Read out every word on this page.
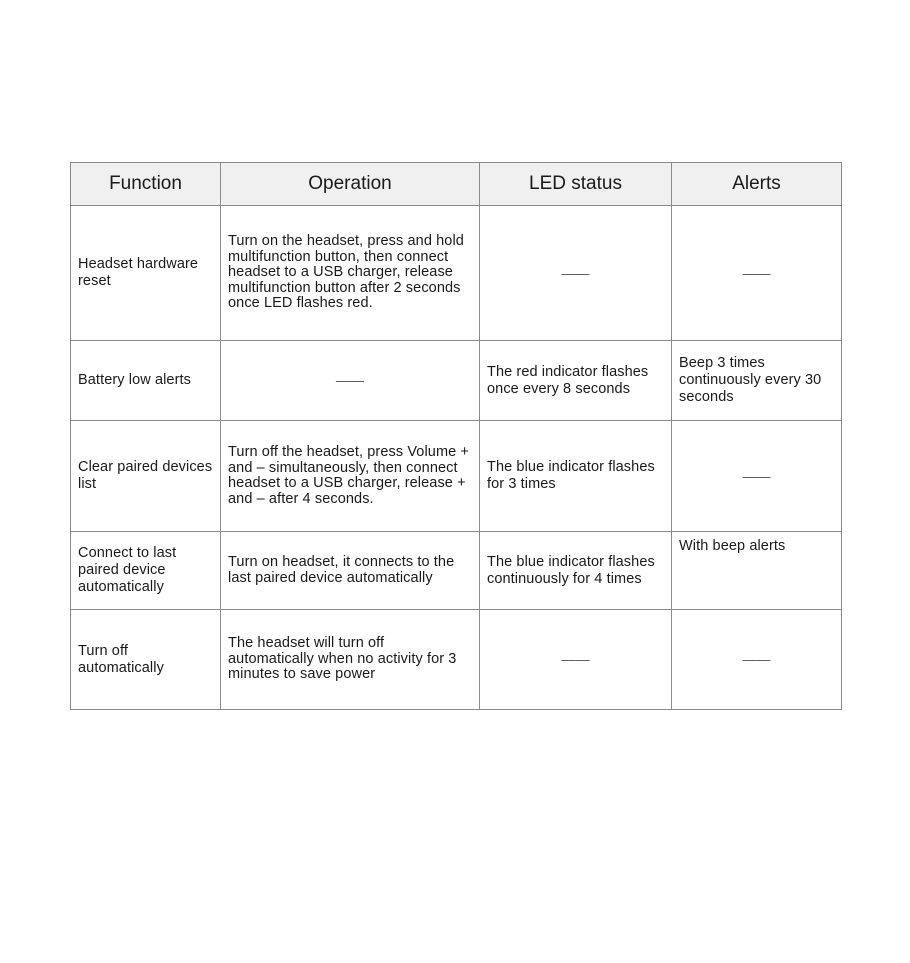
Function	Operation	LED status	Alerts
Headset hardware reset	Turn on the headset, press and hold multifunction button, then connect headset to a USB charger, release multifunction button after 2 seconds once LED flashes red.	——	——
Battery low alerts	——	The red indicator flashes once every 8 seconds	Beep 3 times continuously every 30 seconds
Clear paired devices list	Turn off the headset, press Volume + and – simultaneously, then connect headset to a USB charger, release + and – after 4 seconds.	The blue indicator flashes for 3 times	——
Connect to last paired device automatically	Turn on headset, it connects to the last paired device automatically	The blue indicator flashes continuously for 4 times	With beep alerts
Turn off automatically	The headset will turn off automatically when no activity for 3 minutes to save power	——	——
